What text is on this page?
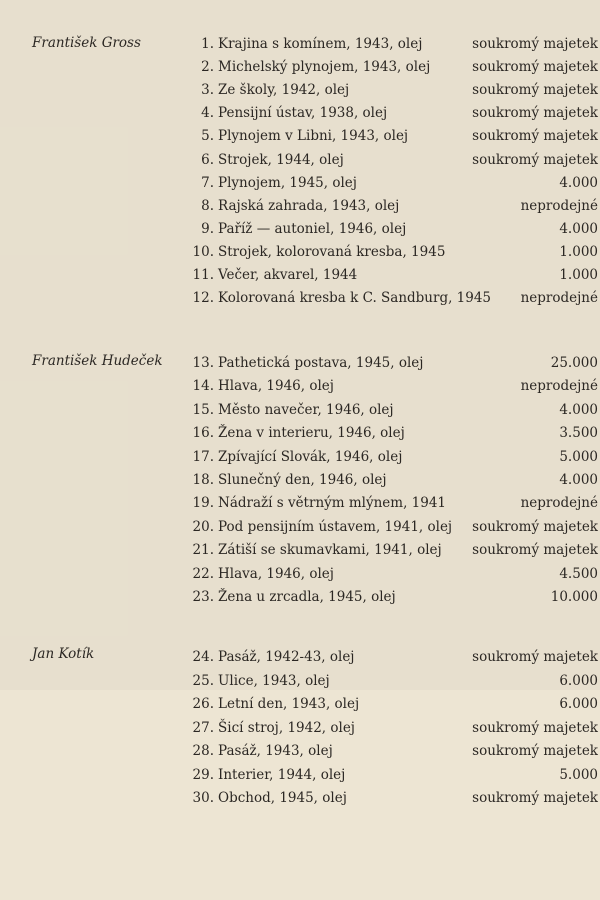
František Gross	1. Krajina s komínem, 1943, olej	soukromý majetek
2. Michelský plynojem, 1943, olej	soukromý majetek
3. Ze školy, 1942, olej	soukromý majetek
4. Pensijní ústav, 1938, olej	soukromý majetek
5. Plynojem v Libni, 1943, olej	soukromý majetek
6. Strojek, 1944, olej	soukromý majetek
7. Plynojem, 1945, olej	4.000
8. Rajská zahrada, 1943, olej	neprodejné
9. Paříž — autoniel, 1946, olej	4.000
10. Strojek, kolorovaná kresba, 1945	1.000
11. Večer, akvarel, 1944	1.000
12. Kolorovaná kresba k C. Sandburg, 1945 neprodejné
František Hudeček 13. Pathetická postava, 1945, olej	25.000
14. Hlava, 1946, olej	neprodejné
15. Město navečer, 1946, olej	4.000
16. Žena v interieru, 1946, olej	3.500
17. Zpívající Slovák, 1946, olej	5.000
18. Slunečný den, 1946, olej	4.000
19. Nádraží s větrným mlýnem, 1941	neprodejné
20. Pod pensijním ústavem, 1941, olej soukromý majetek
21. Zátiší se skumavkami, 1941, olej soukromý majetek
22. Hlava, 1946, olej	4.500
23. Žena u zrcadla, 1945, olej	10.000
Jan Kotík	24. Pasáž, 1942-43, olej	soukromý majetek
25. Ulice, 1943, olej	6.000
26. Letní den, 1943, olej	6.000
27. Šicí stroj, 1942, olej	soukromý majetek
28. Pasáž, 1943, olej	soukromý majetek
29. Interier, 1944, olej	5.000
30. Obchod, 1945, olej	soukromý majetek
